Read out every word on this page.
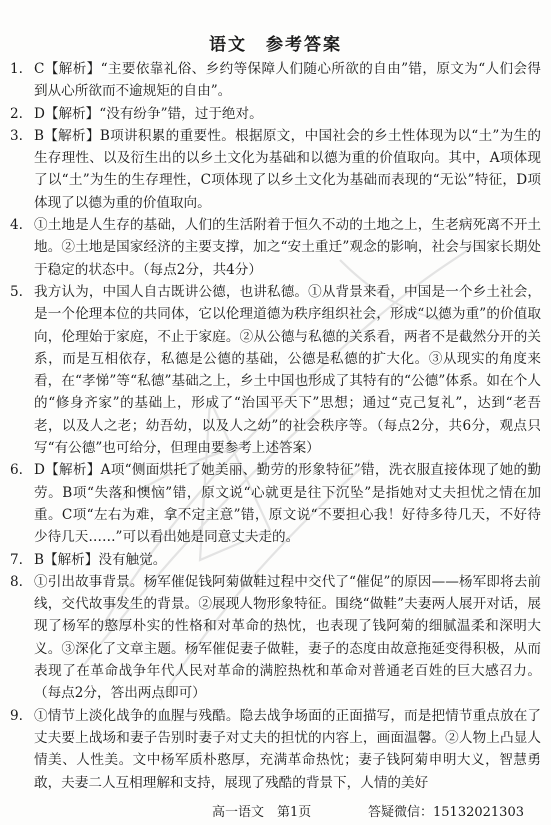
语文　参考答案
1. C【解析】“主要依靠礼俗、乡约等保障人们随心所欲的自由”错，原文为“人们会得到从心所欲而不逾规矩的自由”。
2. D【解析】“没有纷争”错，过于绝对。
3. B【解析】B项讲积累的重要性。根据原文，中国社会的乡土性体现为以“土”为生的生存理性、以及衍生出的以乡土文化为基础和以德为重的价值取向。其中，A项体现了以“土”为生的生存理性，C项体现了以乡土文化为基础而表现的“无讼”特征，D项体现了以德为重的价值取向。
4. ①土地是人生存的基础，人们的生活附着于恒久不动的土地之上，生老病死离不开土地。②土地是国家经济的主要支撑，加之“安土重迁”观念的影响，社会与国家长期处于稳定的状态中。（每点2分，共4分）
5. 我方认为，中国人自古既讲公德，也讲私德。①从背景来看，中国是一个乡土社会，是一个伦理本位的共同体，它以伦理道德为秩序组织社会，形成“以德为重”的价值取向，伦理始于家庭，不止于家庭。②从公德与私德的关系看，两者不是截然分开的关系，而是互相依存，私德是公德的基础，公德是私德的扩大化。③从现实的角度来看，在“孝悌”等“私德”基础之上，乡土中国也形成了其特有的“公德”体系。如在个人的“修身齐家”的基础上，形成了“治国平天下”思想；通过“克己复礼”，达到“老吾老，以及人之老；幼吾幼，以及人之幼”的社会秩序等。（每点2分，共6分，观点只写“有公德”也可给分，但理由要参考上述答案）
6. D【解析】A项“侧面烘托了她美丽、勤劳的形象特征”错，洗衣服直接体现了她的勤劳。B项“失落和懊恼”错，原文说“心就更是往下沉坠”是指她对丈夫担忧之情在加重。C项“左右为难，拿不定主意”错，原文说“不要担心我！好待多待几天，不好待少待几天……”可以看出她是同意丈夫走的。
7. B【解析】没有触觉。
8. ①引出故事背景。杨军催促钱阿菊做鞋过程中交代了“催促”的原因——杨军即将去前线，交代故事发生的背景。②展现人物形象特征。围绕“做鞋”夫妻两人展开对话，展现了杨军的憨厚朴实的性格和对革命的热忱，也表现了钱阿菊的细腻温柔和深明大义。③深化了文章主题。杨军催促妻子做鞋，妻子的态度由故意拖延变得积极，从而表现了在革命战争年代人民对革命的满腔热枕和革命对普通老百姓的巨大感召力。（每点2分，答出两点即可）
9. ①情节上淡化战争的血腥与残酷。隐去战争场面的正面描写，而是把情节重点放在了丈夫要上战场和妻子告别时妻子对丈夫的担忧的内容上，画面温馨。②人物上凸显人情美、人性美。文中杨军质朴憨厚，充满革命热忱；妻子钱阿菊申明大义，智慧勇敢，夫妻二人互相理解和支持，展现了残酷的背景下，人情的美好
高一语文　第1页	答疑微信：15132021303
